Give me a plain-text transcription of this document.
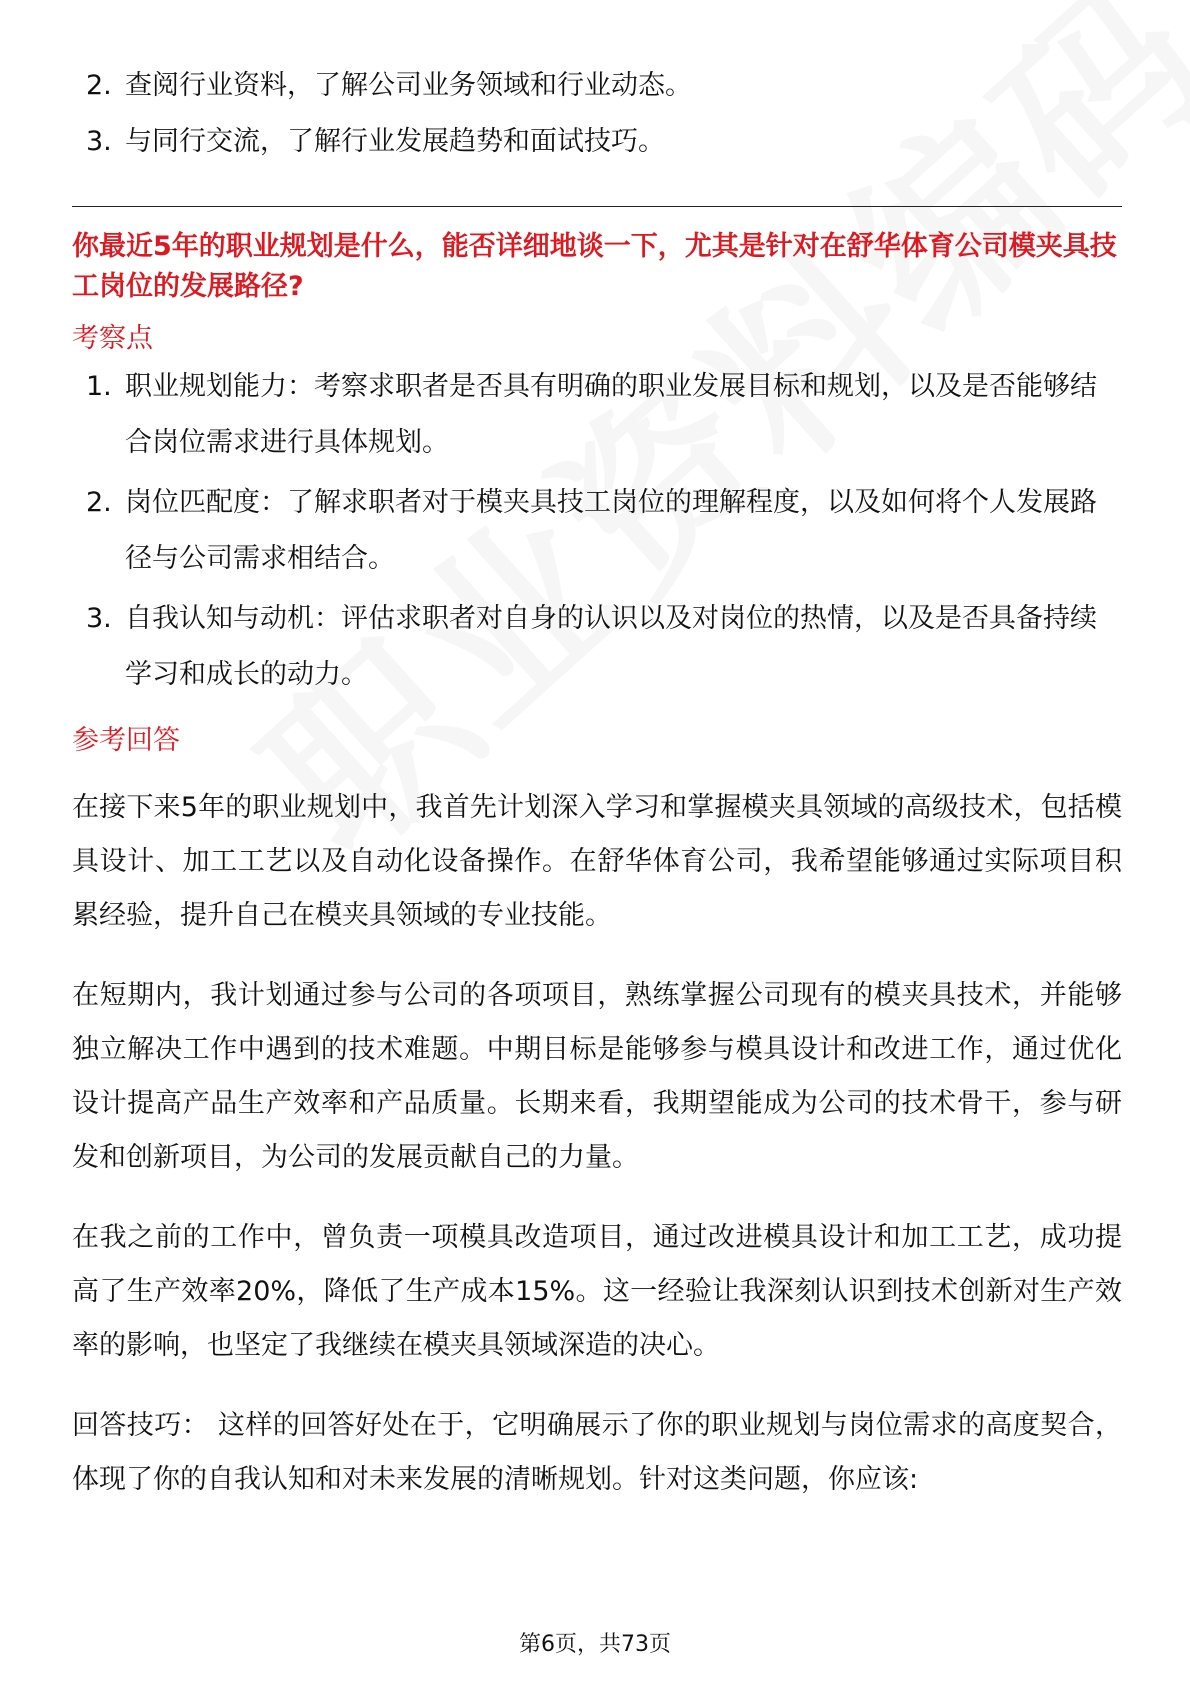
2. 查阅行业资料，了解公司业务领域和行业动态。
3. 与同行交流，了解行业发展趋势和面试技巧。
你最近5年的职业规划是什么，能否详细地谈一下，尤其是针对在舒华体育公司模夹具技工岗位的发展路径?
考察点
1. 职业规划能力：考察求职者是否具有明确的职业发展目标和规划，以及是否能够结合岗位需求进行具体规划。
2. 岗位匹配度：了解求职者对于模夹具技工岗位的理解程度，以及如何将个人发展路径与公司需求相结合。
3. 自我认知与动机：评估求职者对自身的认识以及对岗位的热情，以及是否具备持续学习和成长的动力。
参考回答

在接下来5年的职业规划中，我首先计划深入学习和掌握模夹具领域的高级技术，包括模具设计、加工工艺以及自动化设备操作。在舒华体育公司，我希望能够通过实际项目积累经验，提升自己在模夹具领域的专业技能。

在短期内，我计划通过参与公司的各项项目，熟练掌握公司现有的模夹具技术，并能够独立解决工作中遇到的技术难题。中期目标是能够参与模具设计和改进工作，通过优化设计提高产品生产效率和产品质量。长期来看，我期望能成为公司的技术骨干，参与研发和创新项目，为公司的发展贡献自己的力量。

在我之前的工作中，曾负责一项模具改造项目，通过改进模具设计和加工工艺，成功提高了生产效率20%，降低了生产成本15%。这一经验让我深刻认识到技术创新对生产效率的影响，也坚定了我继续在模夹具领域深造的决心。

回答技巧： 这样的回答好处在于，它明确展示了你的职业规划与岗位需求的高度契合，体现了你的自我认知和对未来发展的清晰规划。针对这类问题，你应该:

第6页，共73页
